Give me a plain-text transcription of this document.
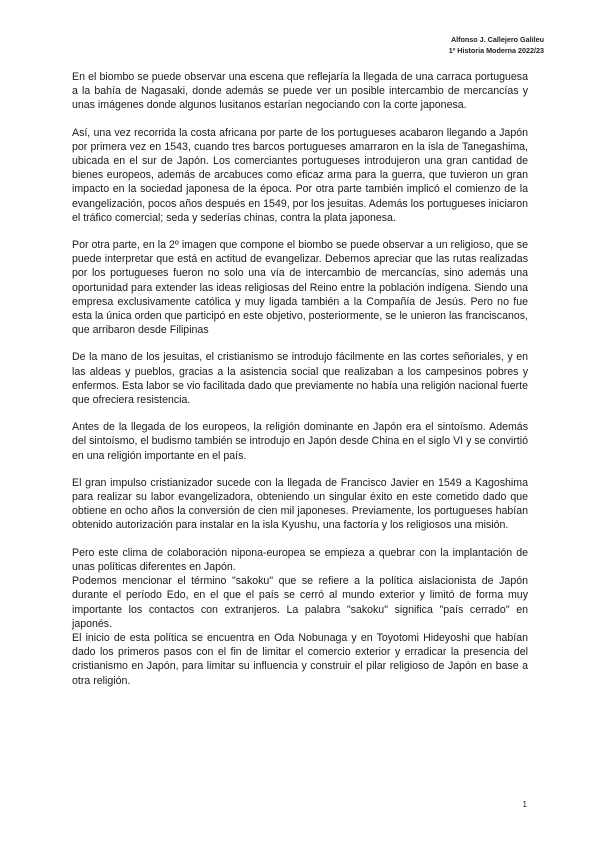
Alfonso J. Callejero Galileu
1º Historia Moderna 2022/23

En el biombo se puede observar una escena que reflejaría la llegada de una carraca portuguesa a la bahía de Nagasaki, donde además se puede ver un posible intercambio de mercancías y unas imágenes donde algunos lusitanos estarían negociando con la corte japonesa.

Así, una vez recorrida la costa africana por parte de los portugueses acabaron llegando a Japón por primera vez en 1543, cuando tres barcos portugueses amarraron en la isla de Tanegashima, ubicada en el sur de Japón. Los comerciantes portugueses introdujeron una gran cantidad de bienes europeos, además de arcabuces como eficaz arma para la guerra, que tuvieron un gran impacto en la sociedad japonesa de la época. Por otra parte también implicó el comienzo de la evangelización, pocos años después en 1549, por los jesuitas. Además los portugueses iniciaron el tráfico comercial; seda y sederías chinas, contra la plata japonesa.

Por otra parte, en la 2º imagen que compone el biombo se puede observar a un religioso, que se puede interpretar que está en actitud de evangelizar. Debemos apreciar que las rutas realizadas por los portugueses fueron no solo una vía de intercambio de mercancías, sino además una oportunidad para extender las ideas religiosas del Reino entre la población indígena. Siendo una empresa exclusivamente católica y muy ligada también a la Compañía de Jesús. Pero no fue esta la única orden que participó en este objetivo, posteriormente, se le unieron las franciscanos, que arribaron desde Filipinas

De la mano de los jesuitas, el cristianismo se introdujo fácilmente en las cortes señoriales, y en las aldeas y pueblos, gracias a la asistencia social que realizaban a los campesinos pobres y enfermos. Esta labor se vio facilitada dado que previamente no había una religión nacional fuerte que ofreciera resistencia.

Antes de la llegada de los europeos, la religión dominante en Japón era el sintoísmo. Además del sintoísmo, el budismo también se introdujo en Japón desde China en el siglo VI y se convirtió en una religión importante en el país.

El gran impulso cristianizador sucede con la llegada de Francisco Javier en 1549 a Kagoshima para realizar su labor evangelizadora, obteniendo un singular éxito en este cometido dado que obtiene en ocho años la conversión de cien mil japoneses. Previamente, los portugueses habían obtenido autorización para instalar en la isla Kyushu, una factoría y los religiosos una misión.

Pero este clima de colaboración nipona-europea se empieza a quebrar con la implantación de unas políticas diferentes en Japón.

Podemos mencionar el término "sakoku" que se refiere a la política aislacionista de Japón durante el período Edo, en el que el país se cerró al mundo exterior y limitó de forma muy importante los contactos con extranjeros. La palabra "sakoku" significa "país cerrado" en japonés.

El inicio de esta política se encuentra en Oda Nobunaga y en Toyotomi Hideyoshi que habían dado los primeros pasos con el fin de limitar el comercio exterior y erradicar la presencia del cristianismo en Japón, para limitar su influencia y construir el pilar religioso de Japón en base a otra religión.

1
